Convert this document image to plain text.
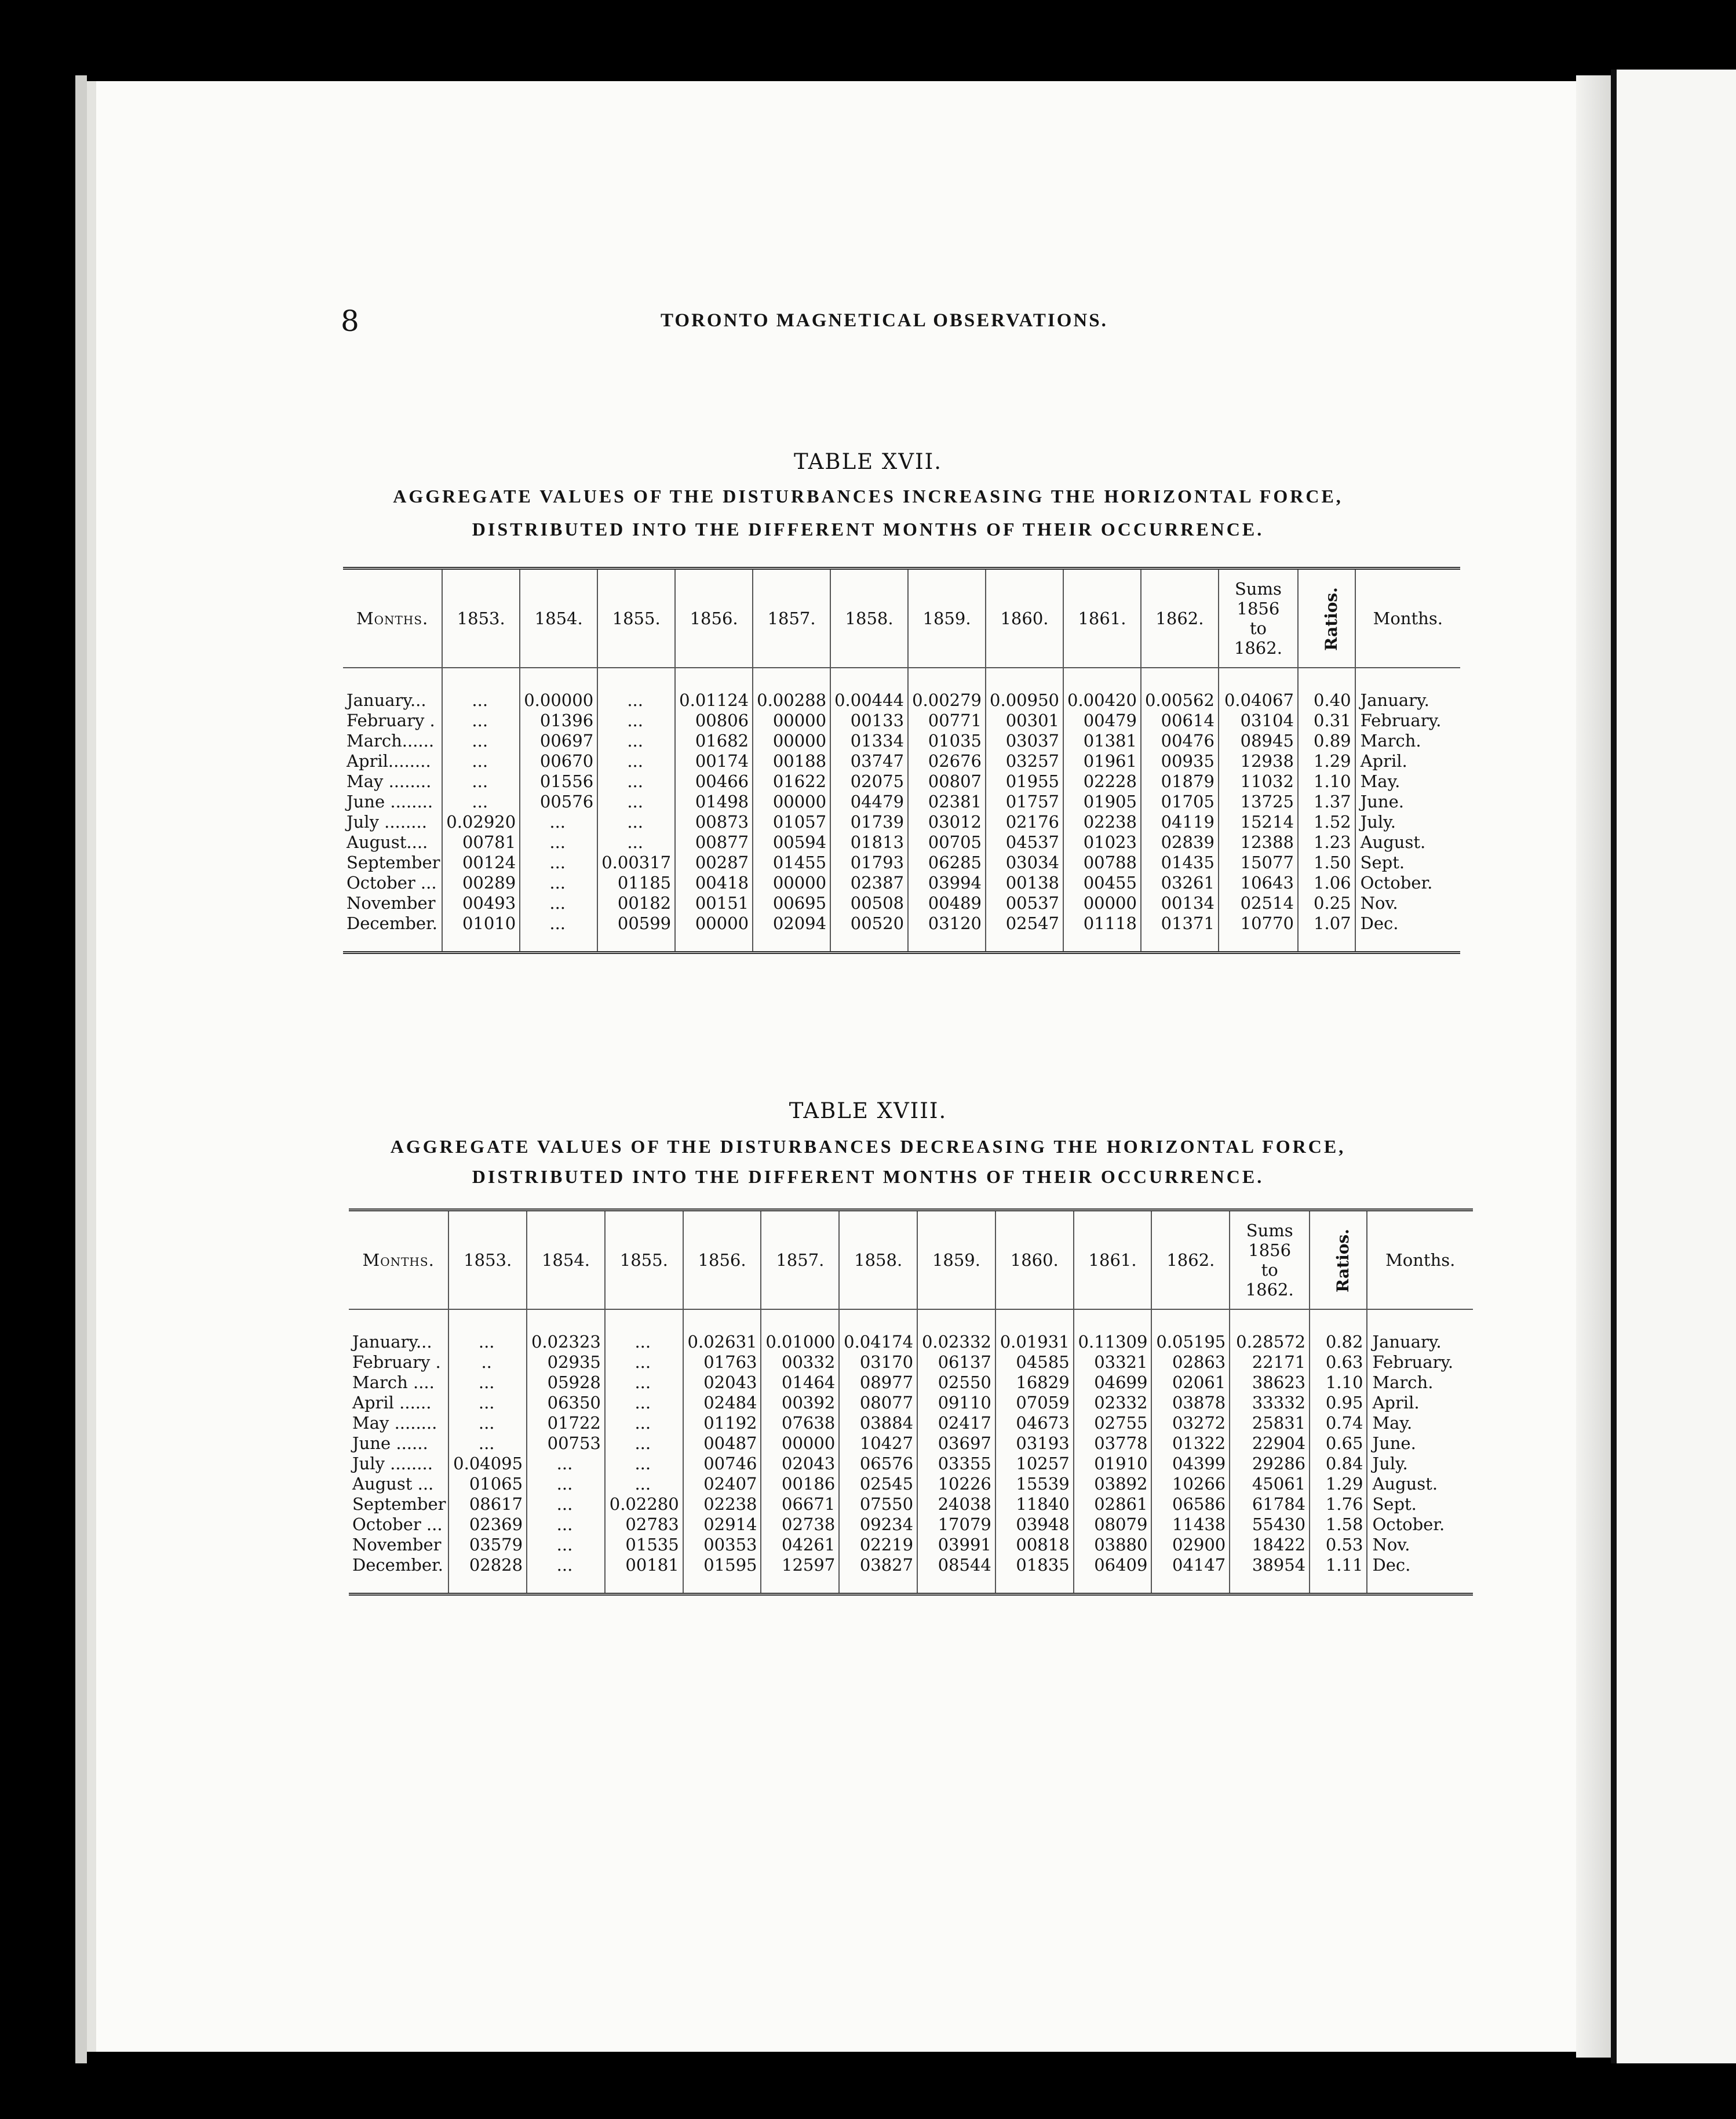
8	TORONTO MAGNETICAL OBSERVATIONS.
TABLE XVII.
AGGREGATE VALUES OF THE DISTURBANCES INCREASING THE HORIZONTAL FORCE,
DISTRIBUTED INTO THE DIFFERENT MONTHS OF THEIR OCCURRENCE.
Months.	1853.	1854.	1855.	1856.	1857.	1858.	1859.	1860.	1861.	1862.	Sums
1856
to
1862.	Ratios.	Months.

January...	...	0.00000	...	0.01124	0.00288	0.00444	0.00279	0.00950	0.00420	0.00562	0.04067	0.40	January.
February .	...	01396	...	00806	00000	00133	00771	00301	00479	00614	03104	0.31	February.
March......	...	00697	...	01682	00000	01334	01035	03037	01381	00476	08945	0.89	March.
April........	...	00670	...	00174	00188	03747	02676	03257	01961	00935	12938	1.29	April.
May ........	...	01556	...	00466	01622	02075	00807	01955	02228	01879	11032	1.10	May.
June ........	...	00576	...	01498	00000	04479	02381	01757	01905	01705	13725	1.37	June.
July ........	0.02920	...	...	00873	01057	01739	03012	02176	02238	04119	15214	1.52	July.
August....	00781	...	...	00877	00594	01813	00705	04537	01023	02839	12388	1.23	August.
September	00124	...	0.00317	00287	01455	01793	06285	03034	00788	01435	15077	1.50	Sept.
October ...	00289	...	01185	00418	00000	02387	03994	00138	00455	03261	10643	1.06	October.
November	00493	...	00182	00151	00695	00508	00489	00537	00000	00134	02514	0.25	Nov.
December.	01010	...	00599	00000	02094	00520	03120	02547	01118	01371	10770	1.07	Dec.

TABLE XVIII.
AGGREGATE VALUES OF THE DISTURBANCES DECREASING THE HORIZONTAL FORCE,
DISTRIBUTED INTO THE DIFFERENT MONTHS OF THEIR OCCURRENCE.
Months.	1853.	1854.	1855.	1856.	1857.	1858.	1859.	1860.	1861.	1862.	Sums
1856
to
1862.	Ratios.	Months.

January...	...	0.02323	...	0.02631	0.01000	0.04174	0.02332	0.01931	0.11309	0.05195	0.28572	0.82	January.
February .	..	02935	...	01763	00332	03170	06137	04585	03321	02863	22171	0.63	February.
March ....	...	05928	...	02043	01464	08977	02550	16829	04699	02061	38623	1.10	March.
April ......	...	06350	...	02484	00392	08077	09110	07059	02332	03878	33332	0.95	April.
May ........	...	01722	...	01192	07638	03884	02417	04673	02755	03272	25831	0.74	May.
June ......	...	00753	...	00487	00000	10427	03697	03193	03778	01322	22904	0.65	June.
July ........	0.04095	...	...	00746	02043	06576	03355	10257	01910	04399	29286	0.84	July.
August ...	01065	...	...	02407	00186	02545	10226	15539	03892	10266	45061	1.29	August.
September	08617	...	0.02280	02238	06671	07550	24038	11840	02861	06586	61784	1.76	Sept.
October ...	02369	...	02783	02914	02738	09234	17079	03948	08079	11438	55430	1.58	October.
November	03579	...	01535	00353	04261	02219	03991	00818	03880	02900	18422	0.53	Nov.
December.	02828	...	00181	01595	12597	03827	08544	01835	06409	04147	38954	1.11	Dec.
